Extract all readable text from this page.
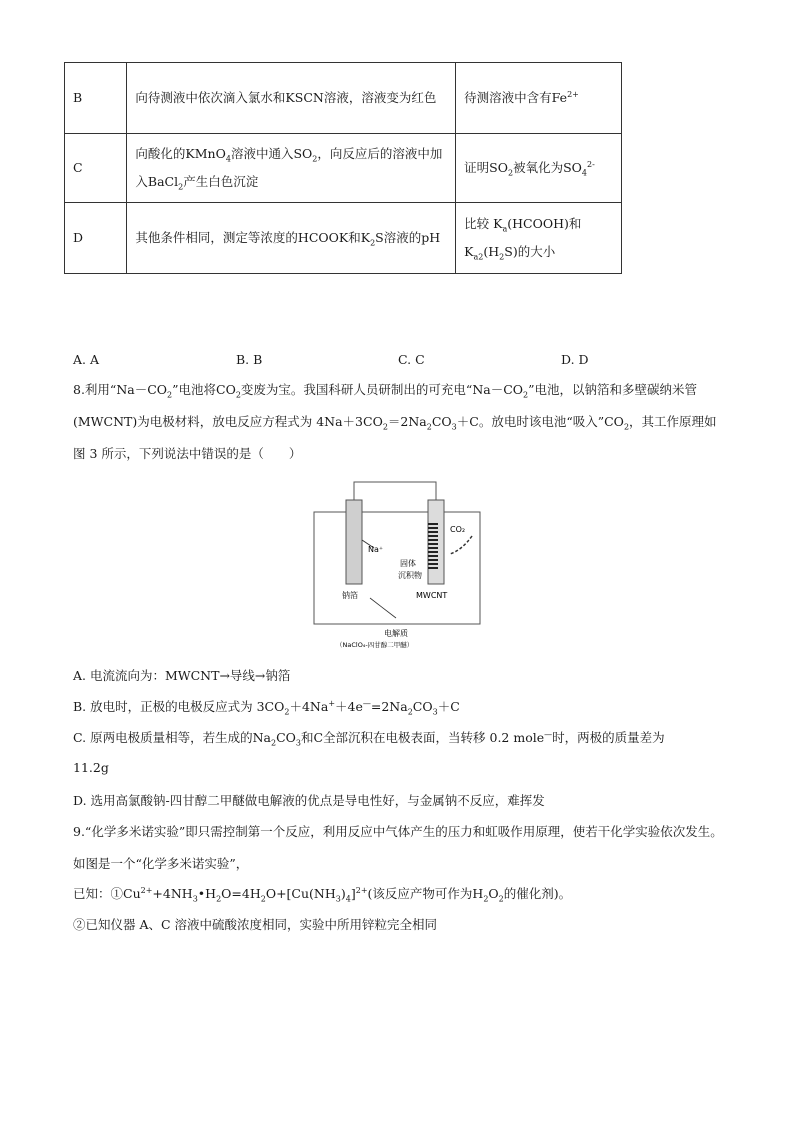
B	向待测液中依次滴入氯水和KSCN溶液，溶液变为红色	待测溶液中含有$Fe^{2+}$
C	向酸化的KMnO$_4$溶液中通入$SO_2$，向反应后的溶液中加入BaCl$_2$产生白色沉淀	证明$SO_2$被氧化为$SO_4^{2-}$
D	其他条件相同，测定等浓度的HCOOK和$K_2S$溶液的pH	比较 $K_a(HCOOH)$和
$K_{a2}(H_2S)$的大小
A. A	B. B	C. C	D. D
8.利用“$Na-CO_2$”电池将$CO_2$变废为宝。我国科研人员研制出的可充电“$Na-CO_2$”电池，以钠箔和多壁碳纳米管(MWCNT)为电极材料，放电反应方程式为 $4Na+3CO_2=2Na_2CO_3+C$。放电时该电池“吸入$”CO_2$，其工作原理如图 3 所示，下列说法中错误的是（　　）
Na⁺
CO₂
固体
沉积物
钠箔	MWCNT
电解质
（NaClO₄-四甘醇二甲醚）
A. 电流流向为：MWCNT→导线→钠箔
B. 放电时，正极的电极反应式为 $3CO_2+4Na^++4e^—=2Na_2CO_3+C$
C. 原两电极质量相等，若生成的$Na_2CO_3$和C全部沉积在电极表面，当转移 0.2 mole—时，两极的质量差为
11.2g
D. 选用高氯酸钠-四甘醇二甲醚做电解液的优点是导电性好，与金属钠不反应，难挥发
9.“化学多米诺实验”即只需控制第一个反应，利用反应中气体产生的压力和虹吸作用原理，使若干化学实验依次发生。如图是一个“化学多米诺实验”，
已知：$①Cu^{2+}+4NH_3•H_2O=4H_2O+[Cu(NH_3)_4]^{2+}$(该反应产物可作为$H_2O_2$的催化剂)。
②已知仪器 A、C 溶液中硫酸浓度相同，实验中所用锌粒完全相同
